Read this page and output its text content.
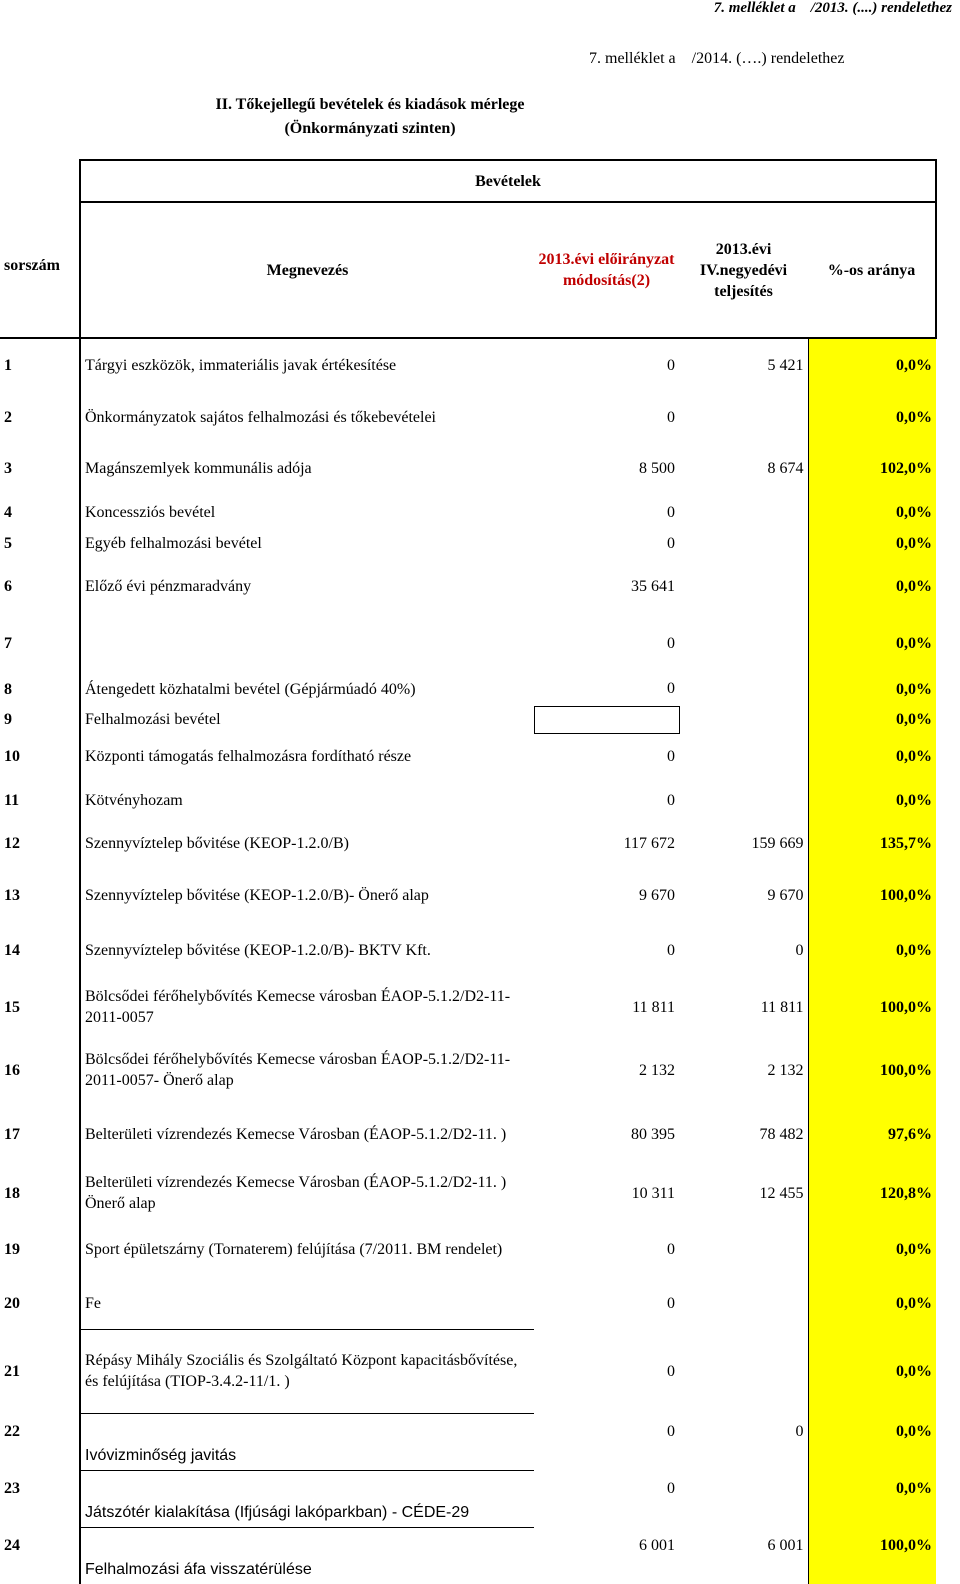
7. melléklet a    /2013. (....) rendelethez
7. melléklet a    /2014. (….) rendelethez
II. Tőkejellegű bevételek és kiadások mérlege
(Önkormányzati szinten)
	Bevételek			
sorszám	Megnevezés	2013.évi előirányzat módosítás(2)	2013.évi IV.negyedévi teljesítés	%-os aránya
1	Tárgyi eszközök, immateriális javak értékesítése	0	5 421	0,0%
2	Önkormányzatok sajátos felhalmozási és tőkebevételei	0		0,0%
3	Magánszemlyek kommunális adója	8 500	8 674	102,0%
4	Koncessziós bevétel	0		0,0%
5	Egyéb felhalmozási bevétel	0		0,0%
6	Előző évi pénzmaradvány	35 641		0,0%
7		0		0,0%
8	Átengedett közhatalmi bevétel (Gépjármúadó 40%)	0		0,0%
9	Felhalmozási bevétel			0,0%
10	Központi támogatás felhalmozásra fordítható része	0		0,0%
11	Kötvényhozam	0		0,0%
12	Szennyvíztelep bővitése (KEOP-1.2.0/B)	117 672	159 669	135,7%
13	Szennyvíztelep bővitése (KEOP-1.2.0/B)- Önerő alap	9 670	9 670	100,0%
14	Szennyvíztelep bővitése (KEOP-1.2.0/B)- BKTV Kft.	0	0	0,0%
15	Bölcsődei férőhelybővítés Kemecse városban ÉAOP-5.1.2/D2-11-2011-0057	11 811	11 811	100,0%
16	Bölcsődei férőhelybővítés Kemecse városban ÉAOP-5.1.2/D2-11-2011-0057- Önerő alap	2 132	2 132	100,0%
17	Belterületi vízrendezés Kemecse Városban (ÉAOP-5.1.2/D2-11. )	80 395	78 482	97,6%
18	Belterületi vízrendezés Kemecse Városban (ÉAOP-5.1.2/D2-11. ) Önerő alap	10 311	12 455	120,8%
19	Sport épületszárny (Tornaterem) felújítása (7/2011. BM rendelet)	0		0,0%
20	Fe	0		0,0%
21	Répásy Mihály Szociális és Szolgáltató Központ kapacitásbővítése, és felújítása (TIOP-3.4.2-11/1. )	0		0,0%
22	Ivóvizminőség javitás	0	0	0,0%
23	Játszótér kialakítása (Ifjúsági lakóparkban) - CÉDE-29	0		0,0%
24	Felhalmozási áfa visszatérülése	6 001	6 001	100,0%
